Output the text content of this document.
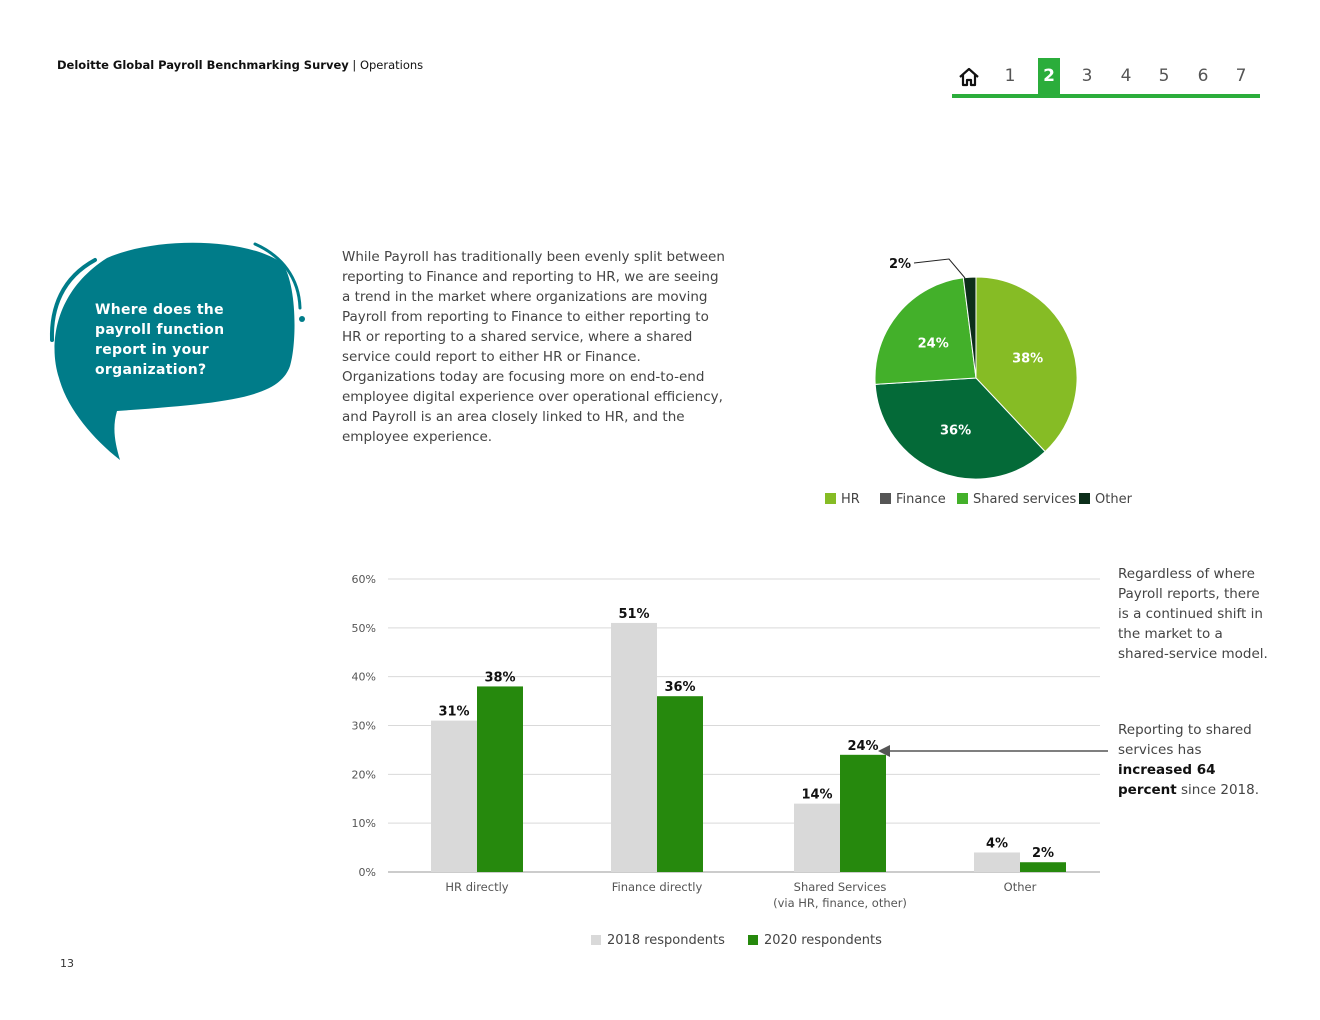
Deloitte Global Payroll Benchmarking Survey | Operations
1	2	3	4	5	6	7
Where does the payroll function report in your organization?
While Payroll has traditionally been evenly split between reporting to Finance and reporting to HR, we are seeing a trend in the market where organizations are moving Payroll from reporting to Finance to either reporting to HR or reporting to a shared service, where a shared service could report to either HR or Finance. Organizations today are focusing more on end-to-end employee digital experience over operational efficiency, and Payroll is an area closely linked to HR, and the employee experience.
38%
36%
24%
2%
HR	Finance	Shared services	Other
0%
10%
20%
30%
40%
50%
60%
31%
38%
51%
36%
14%
24%
4%
2%
HR directly	Finance directly	Shared Services
(via HR, finance, other)
Other
2018 respondents	2020 respondents
Regardless of where Payroll reports, there is a continued shift in the market to a shared-service model.
Reporting to shared services has increased 64 percent since 2018.
13
